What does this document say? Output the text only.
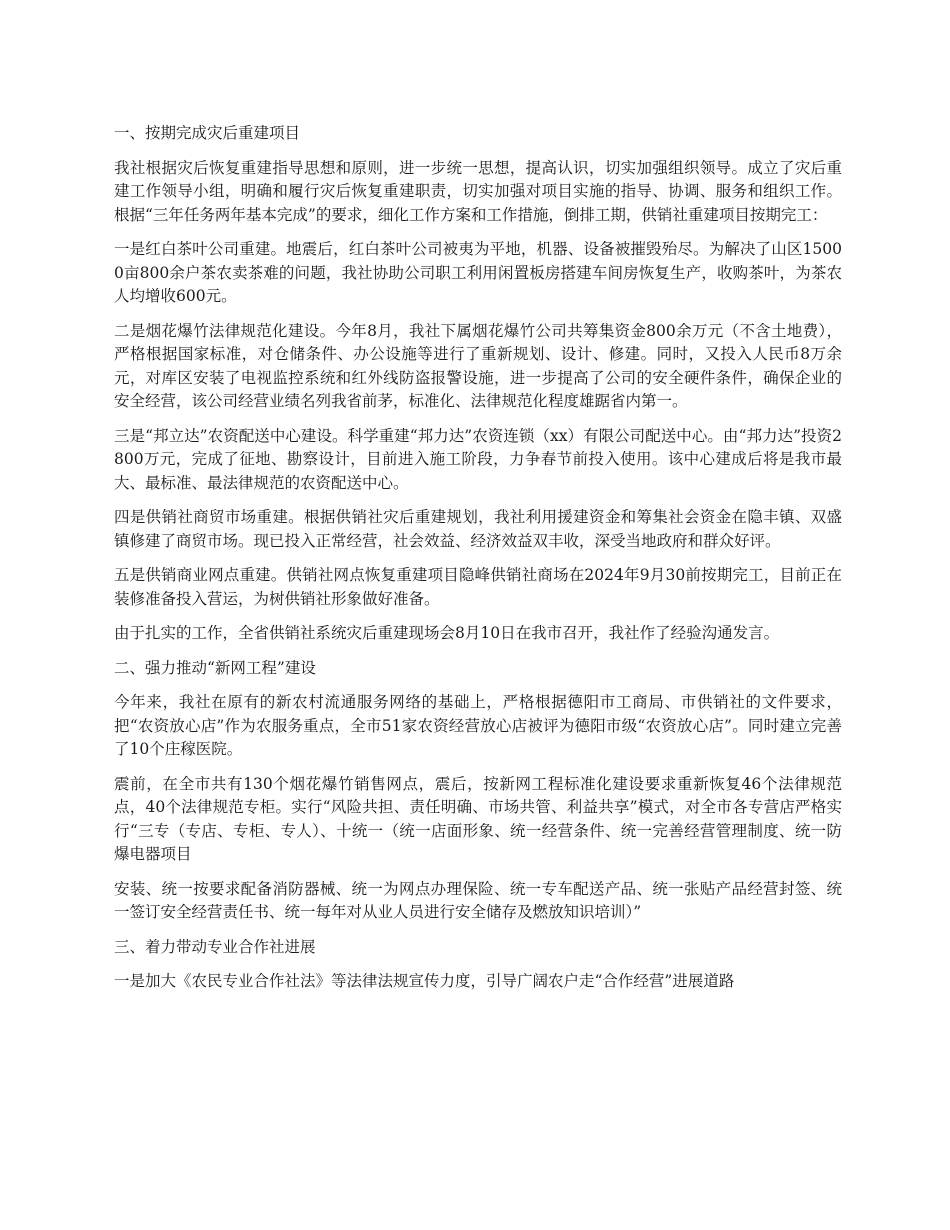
一、按期完成灾后重建项目

我社根据灾后恢复重建指导思想和原则，进一步统一思想，提高认识，切实加强组织领导。成立了灾后重建工作领导小组，明确和履行灾后恢复重建职责，切实加强对项目实施的指导、协调、服务和组织工作。根据“三年任务两年基本完成”的要求，细化工作方案和工作措施，倒排工期，供销社重建项目按期完工：

一是红白茶叶公司重建。地震后，红白茶叶公司被夷为平地，机器、设备被摧毁殆尽。为解决了山区15000亩800余户茶农卖茶难的问题，我社协助公司职工利用闲置板房搭建车间房恢复生产，收购茶叶，为茶农人均增收600元。

二是烟花爆竹法律规范化建设。今年8月，我社下属烟花爆竹公司共筹集资金800余万元（不含土地费），严格根据国家标准，对仓储条件、办公设施等进行了重新规划、设计、修建。同时，又投入人民币8万余元，对库区安装了电视监控系统和红外线防盗报警设施，进一步提高了公司的安全硬件条件，确保企业的安全经营，该公司经营业绩名列我省前茅，标准化、法律规范化程度雄踞省内第一。

三是“邦立达”农资配送中心建设。科学重建“邦力达”农资连锁（xx）有限公司配送中心。由“邦力达”投资2800万元，完成了征地、勘察设计，目前进入施工阶段，力争春节前投入使用。该中心建成后将是我市最大、最标准、最法律规范的农资配送中心。

四是供销社商贸市场重建。根据供销社灾后重建规划，我社利用援建资金和筹集社会资金在隐丰镇、双盛镇修建了商贸市场。现已投入正常经营，社会效益、经济效益双丰收，深受当地政府和群众好评。

五是供销商业网点重建。供销社网点恢复重建项目隐峰供销社商场在2024年9月30前按期完工，目前正在装修准备投入营运，为树供销社形象做好准备。

由于扎实的工作，全省供销社系统灾后重建现场会8月10日在我市召开，我社作了经验沟通发言。

二、强力推动“新网工程”建设

今年来，我社在原有的新农村流通服务网络的基础上，严格根据德阳市工商局、市供销社的文件要求，把“农资放心店”作为农服务重点，全市51家农资经营放心店被评为德阳市级“农资放心店”。同时建立完善了10个庄稼医院。

震前，在全市共有130个烟花爆竹销售网点，震后，按新网工程标准化建设要求重新恢复46个法律规范点，40个法律规范专柜。实行“风险共担、责任明确、市场共管、利益共享”模式，对全市各专营店严格实行“三专（专店、专柜、专人）、十统一（统一店面形象、统一经营条件、统一完善经营管理制度、统一防爆电器项目

安装、统一按要求配备消防器械、统一为网点办理保险、统一专车配送产品、统一张贴产品经营封签、统一签订安全经营责任书、统一每年对从业人员进行安全储存及燃放知识培训）”

三、着力带动专业合作社进展

一是加大《农民专业合作社法》等法律法规宣传力度，引导广阔农户走“合作经营”进展道路
